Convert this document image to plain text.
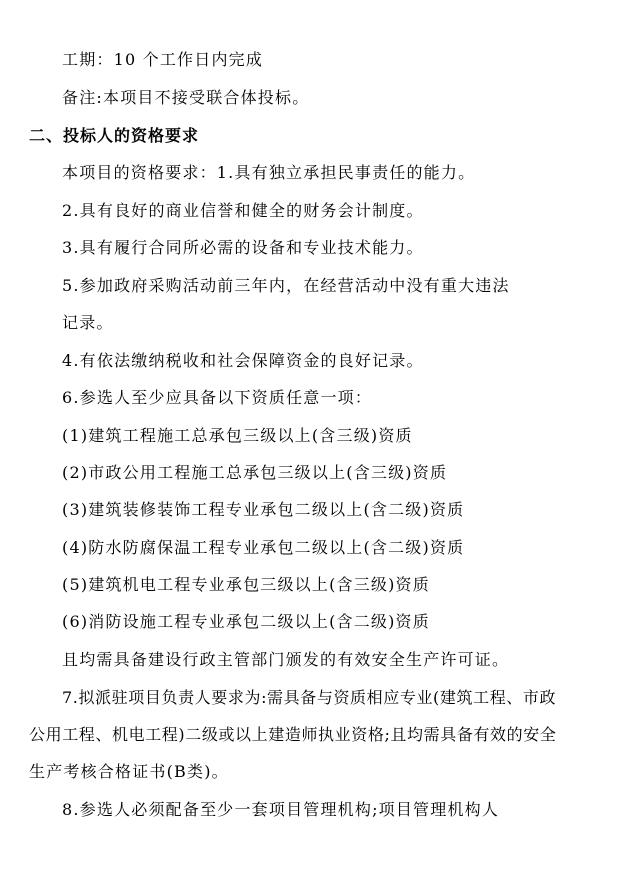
工期：10 个工作日内完成
备注:本项目不接受联合体投标。
二、投标人的资格要求
本项目的资格要求：1.具有独立承担民事责任的能力。
2.具有良好的商业信誉和健全的财务会计制度。
3.具有履行合同所必需的设备和专业技术能力。
5.参加政府采购活动前三年内，在经营活动中没有重大违法
记录。
4.有依法缴纳税收和社会保障资金的良好记录。
6.参选人至少应具备以下资质任意一项：
(1)建筑工程施工总承包三级以上(含三级)资质
(2)市政公用工程施工总承包三级以上(含三级)资质
(3)建筑装修装饰工程专业承包二级以上(含二级)资质
(4)防水防腐保温工程专业承包二级以上(含二级)资质
(5)建筑机电工程专业承包三级以上(含三级)资质
(6)消防设施工程专业承包二级以上(含二级)资质
且均需具备建设行政主管部门颁发的有效安全生产许可证。
7.拟派驻项目负责人要求为:需具备与资质相应专业(建筑工程、市政
公用工程、机电工程)二级或以上建造师执业资格;且均需具备有效的安全
生产考核合格证书(B类)。
8.参选人必须配备至少一套项目管理机构;项目管理机构人
